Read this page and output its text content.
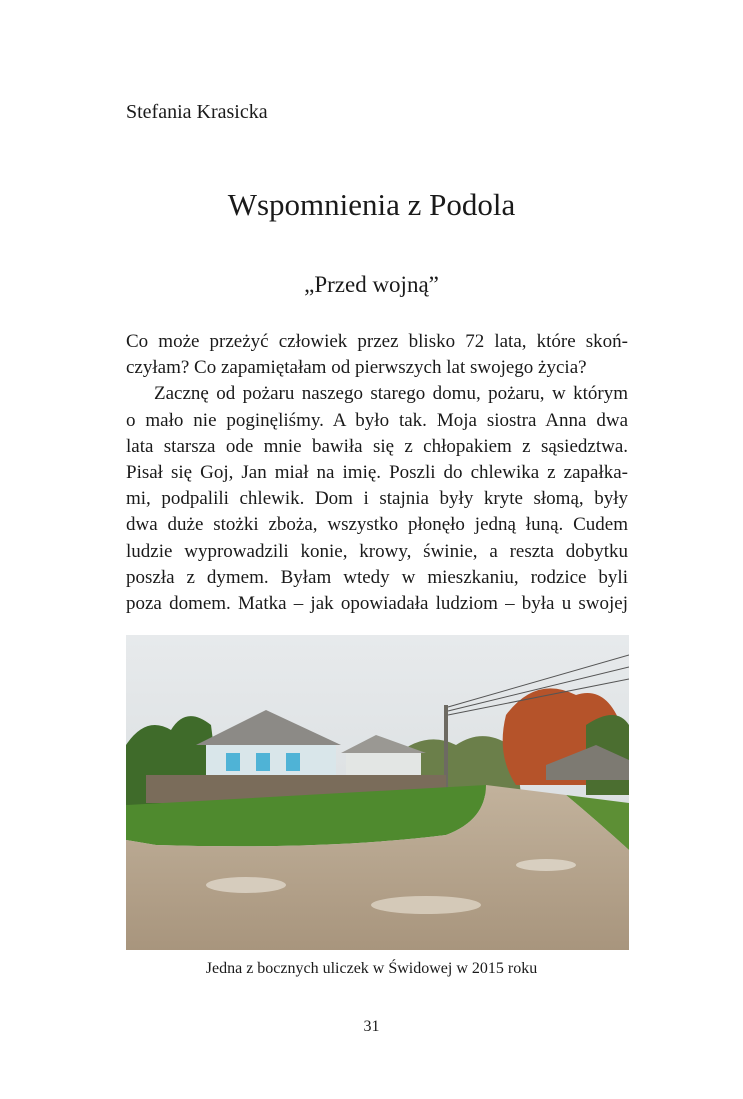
Stefania Krasicka
Wspomnienia z Podola
„Przed wojną”
Co może przeżyć człowiek przez blisko 72 lata, które skoń-
czyłam? Co zapamiętałam od pierwszych lat swojego życia?
Zacznę od pożaru naszego starego domu, pożaru, w którym
o mało nie poginęliśmy. A było tak. Moja siostra Anna dwa
lata starsza ode mnie bawiła się z chłopakiem z sąsiedztwa.
Pisał się Goj, Jan miał na imię. Poszli do chlewika z zapałka-
mi, podpalili chlewik. Dom i stajnia były kryte słomą, były
dwa duże stożki zboża, wszystko płonęło jedną łuną. Cudem
ludzie wyprowadzili konie, krowy, świnie, a reszta dobytku
poszła z dymem. Byłam wtedy w mieszkaniu, rodzice byli
poza domem. Matka – jak opowiadała ludziom – była u swojej
Jedna z bocznych uliczek w Świdowej w 2015 roku
31
